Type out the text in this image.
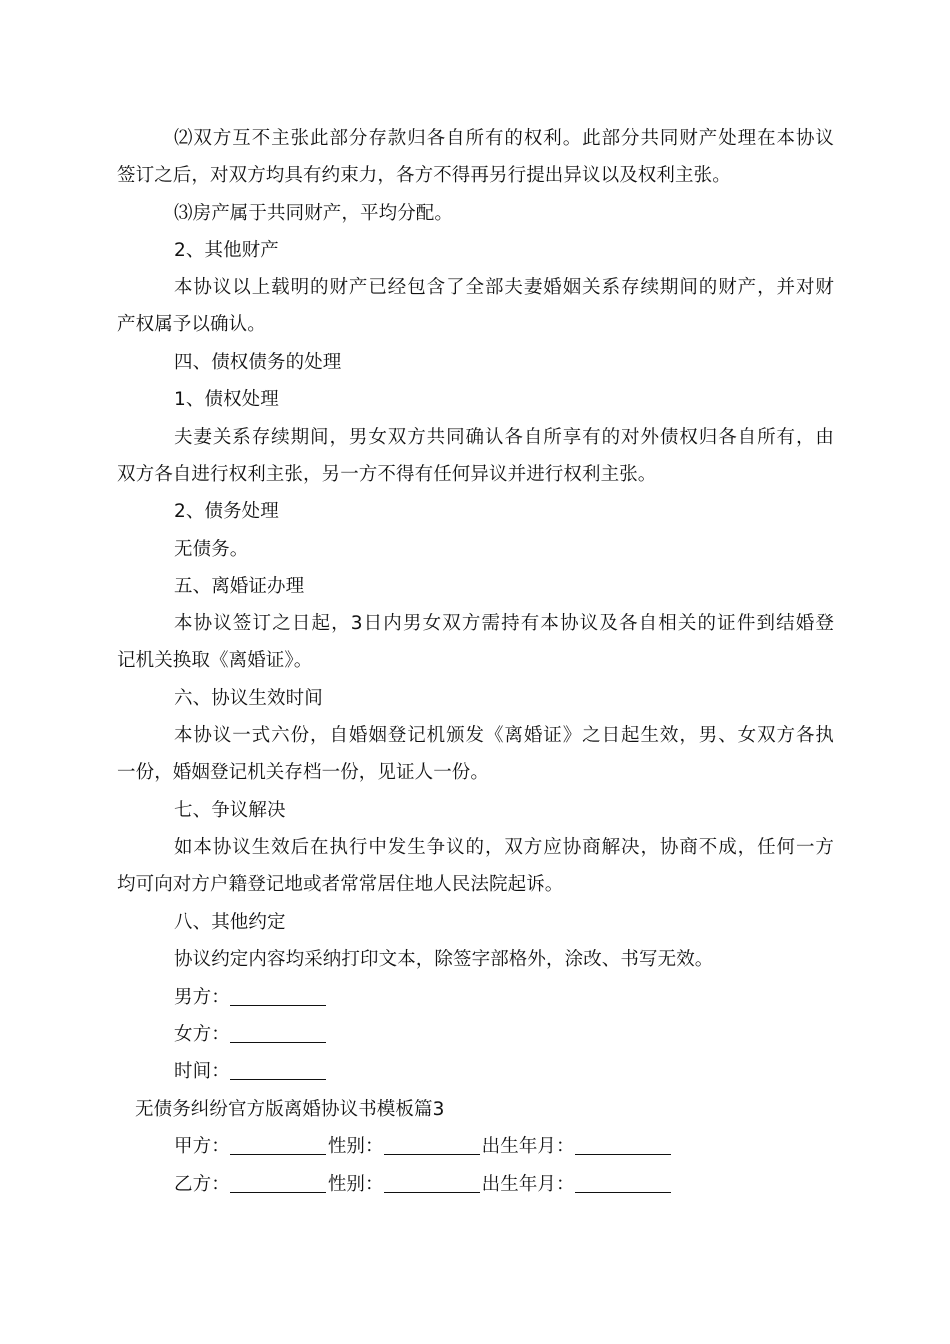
⑵双方互不主张此部分存款归各自所有的权利。此部分共同财产处理在本协议
签订之后，对双方均具有约束力，各方不得再另行提出异议以及权利主张。
⑶房产属于共同财产，平均分配。
2、其他财产
本协议以上载明的财产已经包含了全部夫妻婚姻关系存续期间的财产，并对财
产权属予以确认。
四、债权债务的处理
1、债权处理
夫妻关系存续期间，男女双方共同确认各自所享有的对外债权归各自所有，由
双方各自进行权利主张，另一方不得有任何异议并进行权利主张。
2、债务处理
无债务。
五、离婚证办理
本协议签订之日起，3日内男女双方需持有本协议及各自相关的证件到结婚登
记机关换取《离婚证》。
六、协议生效时间
本协议一式六份，自婚姻登记机颁发《离婚证》之日起生效，男、女双方各执
一份，婚姻登记机关存档一份，见证人一份。
七、争议解决
如本协议生效后在执行中发生争议的，双方应协商解决，协商不成，任何一方
均可向对方户籍登记地或者常常居住地人民法院起诉。
八、其他约定
协议约定内容均采纳打印文本，除签字部格外，涂改、书写无效。
男方：
女方：
时间：
无债务纠纷官方版离婚协议书模板篇3
甲方：	性别：	出生年月：
乙方：	性别：	出生年月：
